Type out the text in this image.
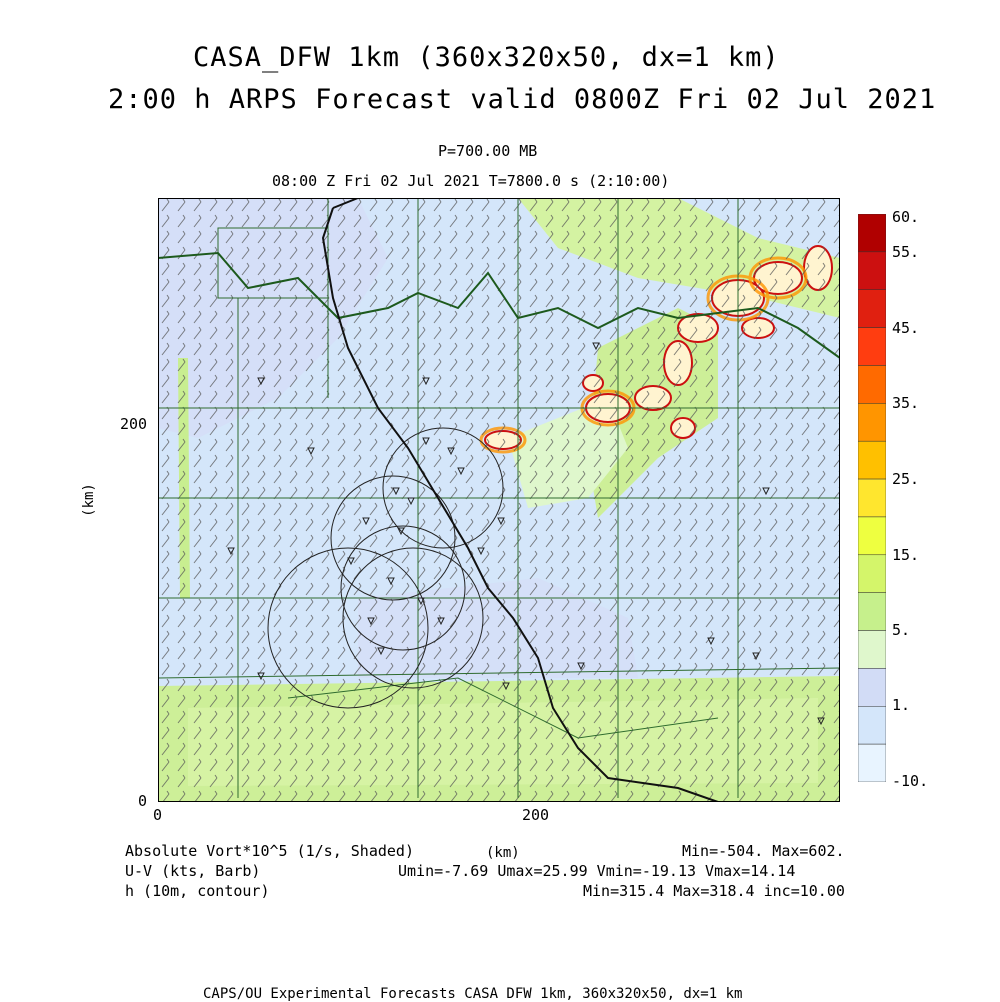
CASA_DFW 1km (360x320x50, dx=1 km)
2:00 h ARPS Forecast valid 0800Z Fri 02 Jul 2021
P=700.00 MB
08:00 Z Fri 02 Jul 2021 T=7800.0 s (2:10:00)
0	200
0
200
(km)
60.
55.
45.
35.
25.
15.
5.
1.
-10.
Absolute Vort*10^5 (1/s, Shaded)
U-V (kts, Barb)
h (10m, contour)
(km)	Min=-504. Max=602.
Umin=-7.69 Umax=25.99 Vmin=-19.13 Vmax=14.14
Min=315.4 Max=318.4 inc=10.00
CAPS/OU Experimental Forecasts CASA DFW 1km, 360x320x50, dx=1 km
